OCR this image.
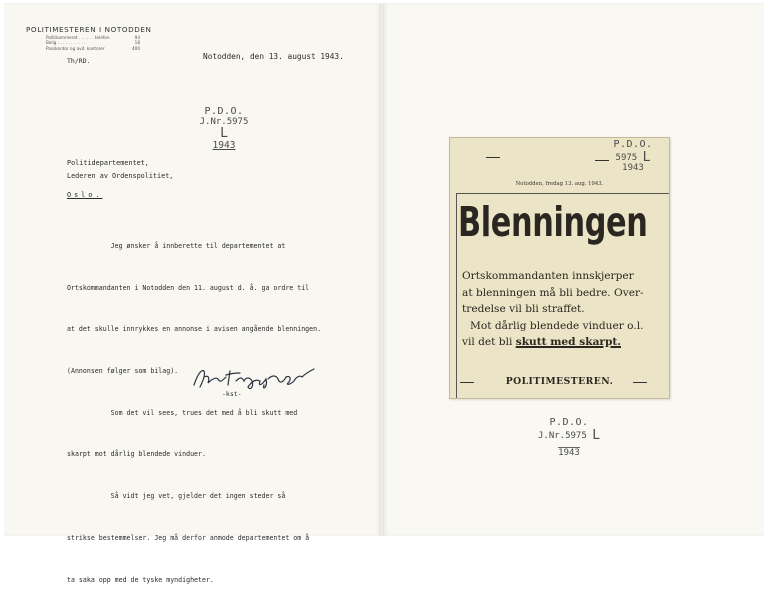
POLITIMESTEREN I NOTODDEN
Politikammeret . . . . . . telefon	94
Bolig . . . . . . . . . . .	18
Passkontor og avd. kontorer	400
Th/RD.	Notodden, den 13. august 1943.
P.D.O.
J.Nr.5975 L
1943
Politidepartementet,
Lederen av Ordenspolitiet,
Oslo.

Jeg ønsker å innberette til departementet at

Ortskommandanten i Notodden den 11. august d. å. ga ordre til

at det skulle innrykkes en annonse i avisen angående blenningen.

(Annonsen følger som bilag).

Som det vil sees, trues det med å bli skutt med

skarpt mot dårlig blendede vinduer.

Så vidt jeg vet, gjelder det ingen steder så

strikse bestemmelser. Jeg må derfor anmode departementet om å

ta saka opp med de tyske myndigheter.

-kst-
P.D.O.
5975 L
1943
Notodden, fredag 13. aug. 1943.
Blenningen
Ortskommandanten innskjerper
at blenningen må bli bedre. Over-
tredelse vil bli straffet.
Mot dårlig blendede vinduer o.l.
vil det bli skutt med skarpt.
POLITIMESTEREN.
P.D.O.
J.Nr.5975 L
1943
